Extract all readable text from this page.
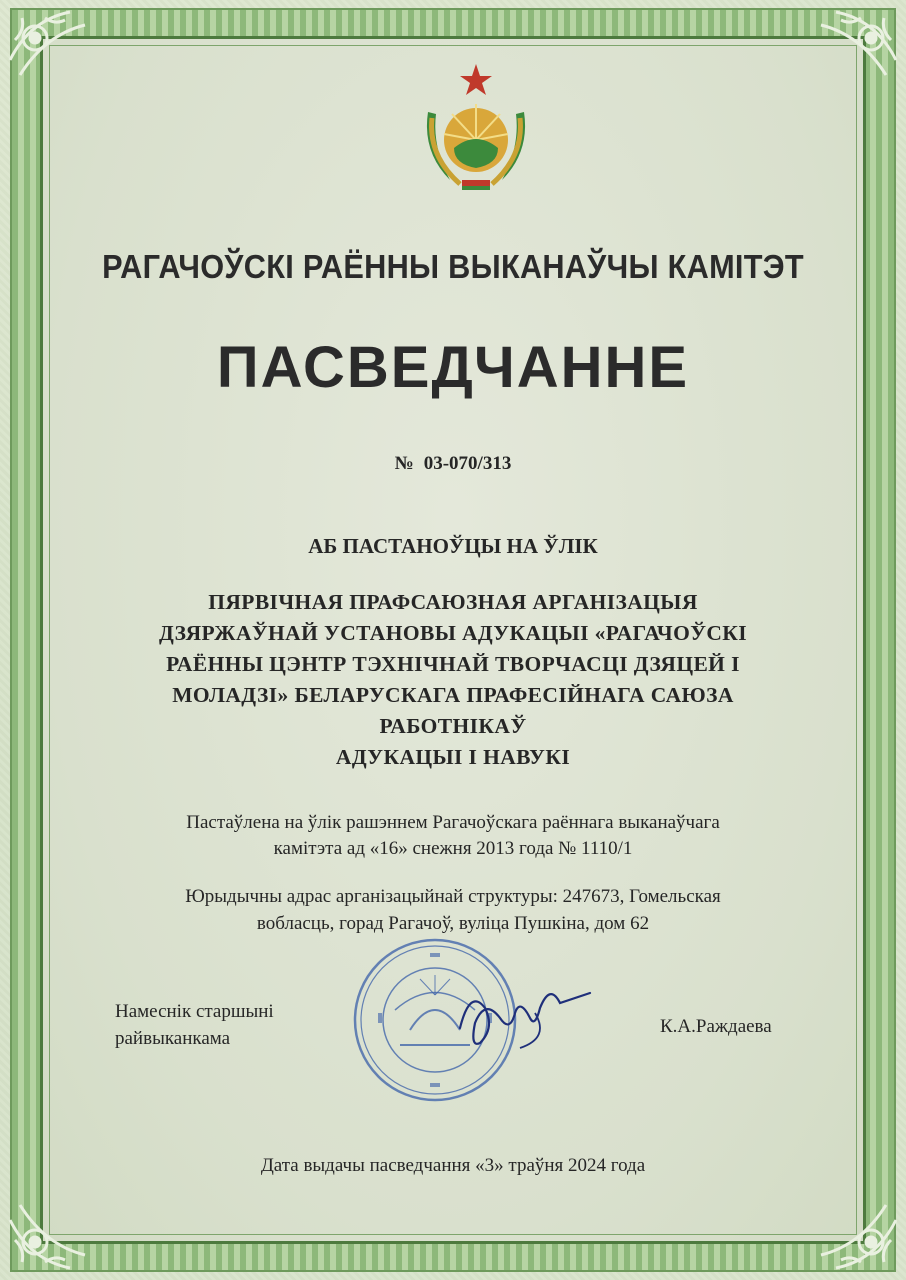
РАГАЧОЎСКІ РАЁННЫ ВЫКАНАЎЧЫ КАМІТЭТ
ПАСВЕДЧАННЕ
№ 03-070/313
АБ ПАСТАНОЎЦЫ НА ЎЛІК
ПЯРВІЧНАЯ ПРАФСАЮЗНАЯ АРГАНІЗАЦЫЯ
ДЗЯРЖАЎНАЙ УСТАНОВЫ АДУКАЦЫІ «РАГАЧОЎСКІ
РАЁННЫ ЦЭНТР ТЭХНІЧНАЙ ТВОРЧАСЦІ ДЗЯЦЕЙ І
МОЛАДЗІ» БЕЛАРУСКАГА ПРАФЕСІЙНАГА САЮЗА
РАБОТНІКАЎ
АДУКАЦЫІ І НАВУКІ
Пастаўлена на ўлік рашэннем Рагачоўскага раённага выканаўчага
камітэта ад «16» снежня 2013 года № 1110/1
Юрыдычны адрас арганізацыйнай структуры: 247673, Гомельская
вобласць, горад Рагачоў, вуліца Пушкіна, дом 62
Намеснік старшыні
райвыканкама
К.А.Раждаева
Дата выдачы пасведчання «3» траўня 2024 года
